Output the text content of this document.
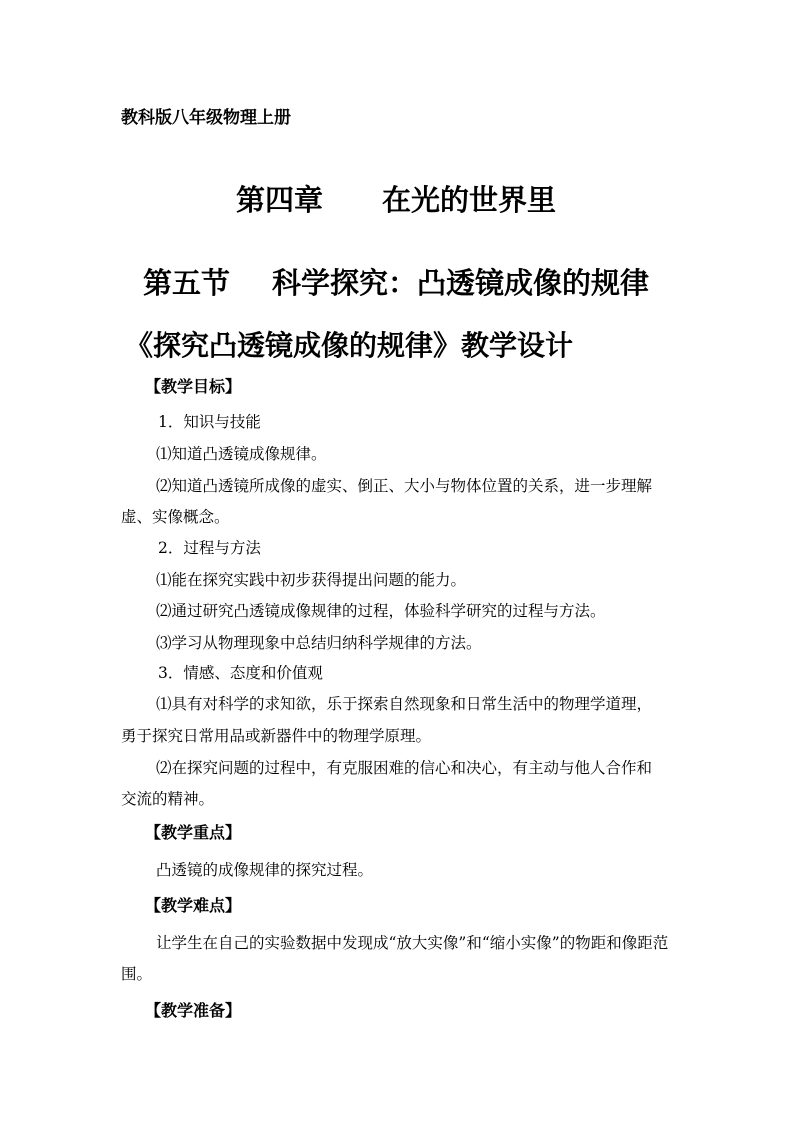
教科版八年级物理上册
第四章 在光的世界里
第五节 科学探究：凸透镜成像的规律
《探究凸透镜成像的规律》教学设计
【教学目标】
1．知识与技能
⑴知道凸透镜成像规律。
⑵知道凸透镜所成像的虚实、倒正、大小与物体位置的关系，进一步理解
虚、实像概念。
2．过程与方法
⑴能在探究实践中初步获得提出问题的能力。
⑵通过研究凸透镜成像规律的过程，体验科学研究的过程与方法。
⑶学习从物理现象中总结归纳科学规律的方法。
3．情感、态度和价值观
⑴具有对科学的求知欲，乐于探索自然现象和日常生活中的物理学道理，
勇于探究日常用品或新器件中的物理学原理。
⑵在探究问题的过程中，有克服困难的信心和决心，有主动与他人合作和
交流的精神。
【教学重点】
凸透镜的成像规律的探究过程。
【教学难点】
让学生在自己的实验数据中发现成“放大实像”和“缩小实像”的物距和像距范
围。
【教学准备】
